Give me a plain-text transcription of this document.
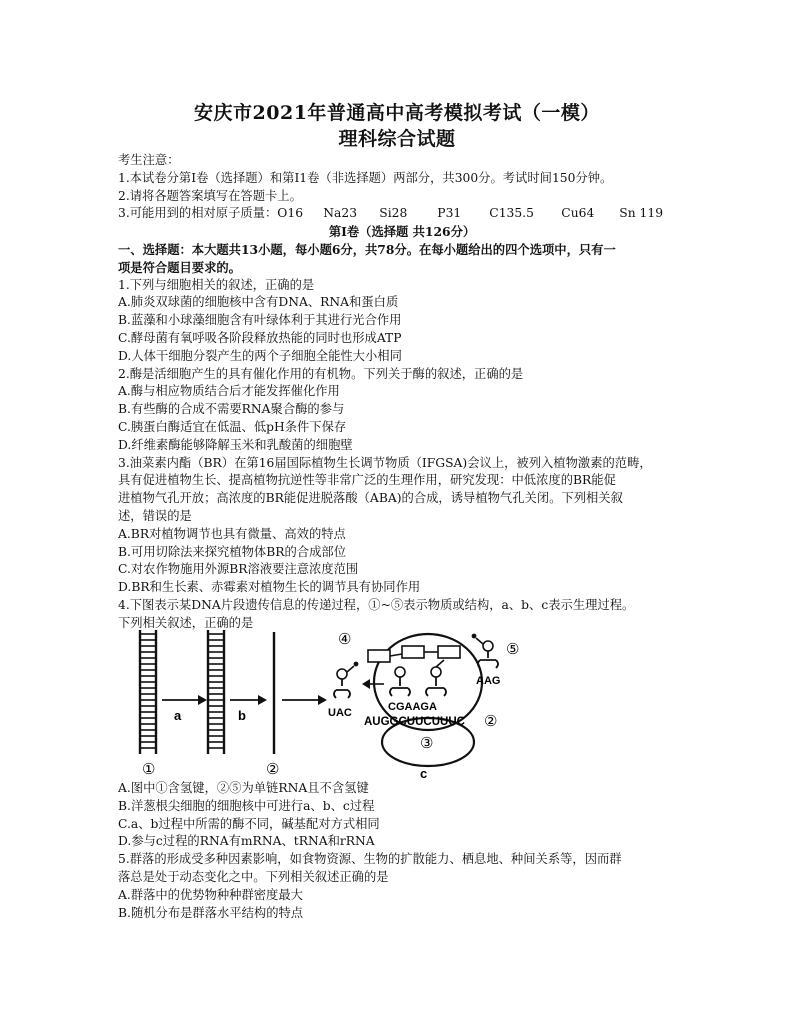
安庆市2021年普通高中高考模拟考试（一模）
理科综合试题
考生注意：
1.本试卷分第I卷（选择题）和第I1卷（非选择题）两部分，共300分。考试时间150分钟。
2.请将各题答案填写在答题卡上。
3.可能用到的相对原子质量：O16 Na23 Si28 P31 C135.5 Cu64 Sn 119
第I卷（选择题 共126分）
一、选择题：本大题共13小题，每小题6分，共78分。在每小题给出的四个选项中，只有一
项是符合题目要求的。
1.下列与细胞相关的叙述，正确的是
A.肺炎双球菌的细胞核中含有DNA、RNA和蛋白质
B.蓝藻和小球藻细胞含有叶绿体利于其进行光合作用
C.酵母菌有氧呼吸各阶段释放热能的同时也形成ATP
D.人体干细胞分裂产生的两个子细胞全能性大小相同
2.酶是活细胞产生的具有催化作用的有机物。下列关于酶的叙述，正确的是
A.酶与相应物质结合后才能发挥催化作用
B.有些酶的合成不需要RNA聚合酶的参与
C.胰蛋白酶适宜在低温、低pH条件下保存
D.纤维素酶能够降解玉米和乳酸菌的细胞壁
3.油菜素内酯（BR）在第16届国际植物生长调节物质（IFGSA)会议上，被列入植物激素的范畴，
具有促进植物生长、提高植物抗逆性等非常广泛的生理作用，研究发现：中低浓度的BR能促
进植物气孔开放；高浓度的BR能促进脱落酸（ABA)的合成，诱导植物气孔关闭。下列相关叙
述，错误的是
A.BR对植物调节也具有微量、高效的特点
B.可用切除法来探究植物体BR的合成部位
C.对农作物施用外源BR溶液要注意浓度范围
D.BR和生长素、赤霉素对植物生长的调节具有协同作用
4.下图表示某DNA片段遗传信息的传递过程，①~⑤表示物质或结构，a、b、c表示生理过程。
下列相关叙述，正确的是
①
a	b
②
UAC
③
c
④
CGAAGA
AUGGCUUCUUUC ②
⑤
AAG
A.图中①含氢键，②⑤为单链RNA且不含氢键
B.洋葱根尖细胞的细胞核中可进行a、b、c过程
C.a、b过程中所需的酶不同，碱基配对方式相同
D.参与c过程的RNA有mRNA、tRNA和rRNA
5.群落的形成受多种因素影响，如食物资源、生物的扩散能力、栖息地、种间关系等，因而群
落总是处于动态变化之中。下列相关叙述正确的是
A.群落中的优势物种种群密度最大
B.随机分布是群落水平结构的特点
